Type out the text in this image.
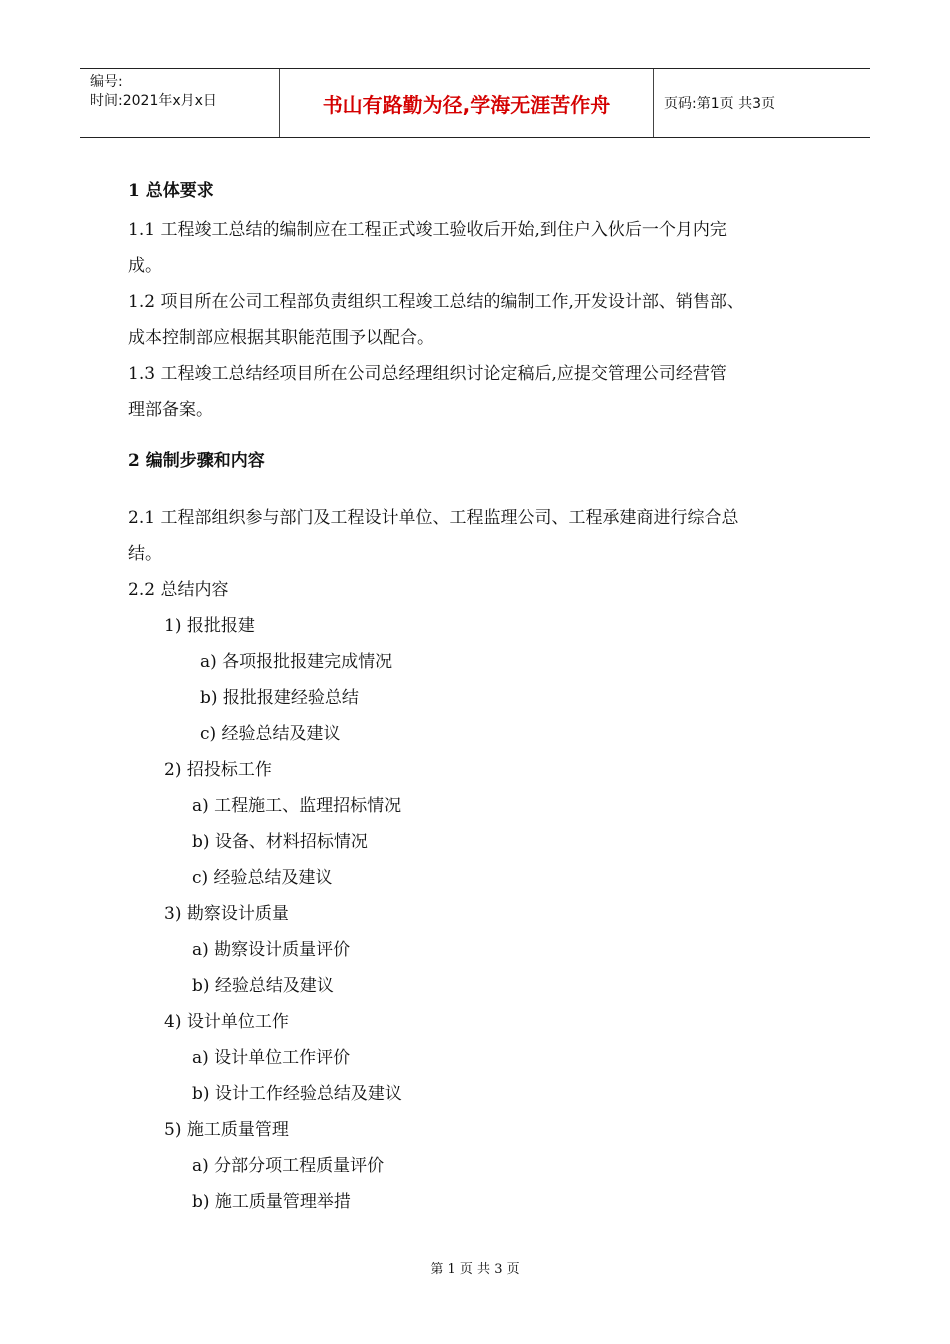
编号:
时间:2021年x月x日	书山有路勤为径,学海无涯苦作舟	页码:第1页 共3页
1 总体要求
1.1 工程竣工总结的编制应在工程正式竣工验收后开始,到住户入伙后一个月内完
成。
1.2 项目所在公司工程部负责组织工程竣工总结的编制工作,开发设计部、销售部、
成本控制部应根据其职能范围予以配合。
1.3 工程竣工总结经项目所在公司总经理组织讨论定稿后,应提交管理公司经营管
理部备案。
2 编制步骤和内容
2.1 工程部组织参与部门及工程设计单位、工程监理公司、工程承建商进行综合总
结。
2.2 总结内容
1) 报批报建
a) 各项报批报建完成情况
b) 报批报建经验总结
c) 经验总结及建议
2) 招投标工作
a) 工程施工、监理招标情况
b) 设备、材料招标情况
c) 经验总结及建议
3) 勘察设计质量
a) 勘察设计质量评价
b) 经验总结及建议
4) 设计单位工作
a) 设计单位工作评价
b) 设计工作经验总结及建议
5) 施工质量管理
a) 分部分项工程质量评价
b) 施工质量管理举措
第 1 页 共 3 页
